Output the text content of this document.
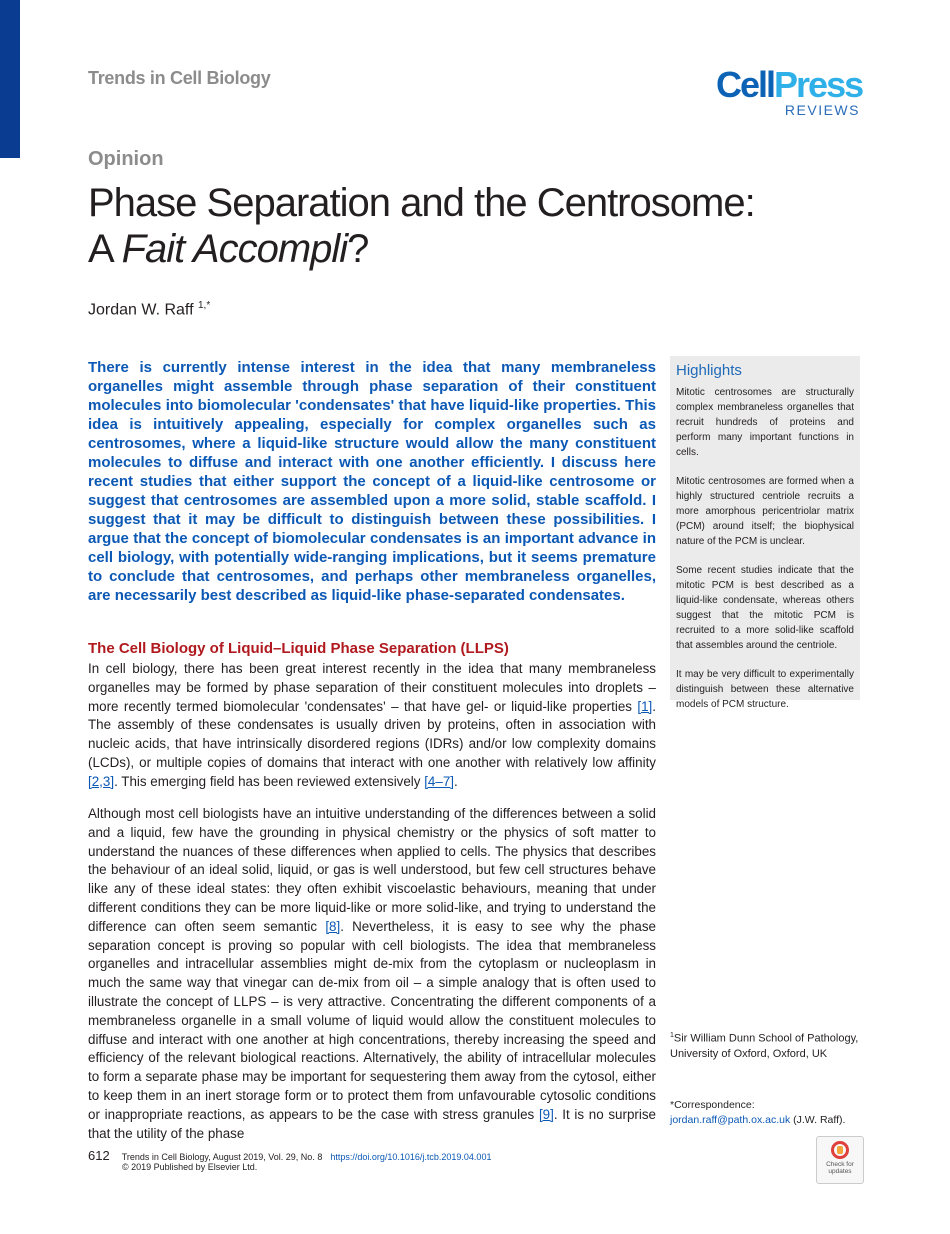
Trends in Cell Biology	CellPress
REVIEWS
Opinion
Phase Separation and the Centrosome:
A Fait Accompli?
Jordan W. Raff $^{1,*}$
There is currently intense interest in the idea that many membraneless organelles might assemble through phase separation of their constituent molecules into biomolecular 'condensates' that have liquid-like properties. This idea is intuitively appealing, especially for complex organelles such as centrosomes, where a liquid-like structure would allow the many constituent molecules to diffuse and interact with one another efficiently. I discuss here recent studies that either support the concept of a liquid-like centrosome or suggest that centrosomes are assembled upon a more solid, stable scaffold. I suggest that it may be difficult to distinguish between these possibilities. I argue that the concept of biomolecular condensates is an important advance in cell biology, with potentially wide-ranging implications, but it seems premature to conclude that centrosomes, and perhaps other membraneless organelles, are necessarily best described as liquid-like phase-separated condensates.
The Cell Biology of Liquid–Liquid Phase Separation (LLPS)
In cell biology, there has been great interest recently in the idea that many membraneless organelles may be formed by phase separation of their constituent molecules into droplets – more recently termed biomolecular 'condensates' – that have gel- or liquid-like properties [1]. The assembly of these condensates is usually driven by proteins, often in association with nucleic acids, that have intrinsically disordered regions (IDRs) and/or low complexity domains (LCDs), or multiple copies of domains that interact with one another with relatively low affinity [2,3]. This emerging field has been reviewed extensively [4–7].
Although most cell biologists have an intuitive understanding of the differences between a solid and a liquid, few have the grounding in physical chemistry or the physics of soft matter to understand the nuances of these differences when applied to cells. The physics that describes the behaviour of an ideal solid, liquid, or gas is well understood, but few cell structures behave like any of these ideal states: they often exhibit viscoelastic behaviours, meaning that under different conditions they can be more liquid-like or more solid-like, and trying to understand the difference can often seem semantic [8]. Nevertheless, it is easy to see why the phase separation concept is proving so popular with cell biologists. The idea that membraneless organelles and intracellular assemblies might de-mix from the cytoplasm or nucleoplasm in much the same way that vinegar can de-mix from oil – a simple analogy that is often used to illustrate the concept of LLPS – is very attractive. Concentrating the different components of a membraneless organelle in a small volume of liquid would allow the constituent molecules to diffuse and interact with one another at high concentrations, thereby increasing the speed and efficiency of the relevant biological reactions. Alternatively, the ability of intracellular molecules to form a separate phase may be important for sequestering them away from the cytosol, either to keep them in an inert storage form or to protect them from unfavourable cytosolic conditions or inappropriate reactions, as appears to be the case with stress granules [9]. It is no surprise that the utility of the phase
Highlights
Mitotic centrosomes are structurally complex membraneless organelles that recruit hundreds of proteins and perform many important functions in cells.
Mitotic centrosomes are formed when a highly structured centriole recruits a more amorphous pericentriolar matrix (PCM) around itself; the biophysical nature of the PCM is unclear.
Some recent studies indicate that the mitotic PCM is best described as a liquid-like condensate, whereas others suggest that the mitotic PCM is recruited to a more solid-like scaffold that assembles around the centriole.
It may be very difficult to experimentally distinguish between these alternative models of PCM structure.
$^1$Sir William Dunn School of Pathology, University of Oxford, Oxford, UK
*Correspondence:
jordan.raff@path.ox.ac.uk (J.W. Raff).
612 Trends in Cell Biology, August 2019, Vol. 29, No. 8 https://doi.org/10.1016/j.tcb.2019.04.001
© 2019 Published by Elsevier Ltd.	Check for
updates
